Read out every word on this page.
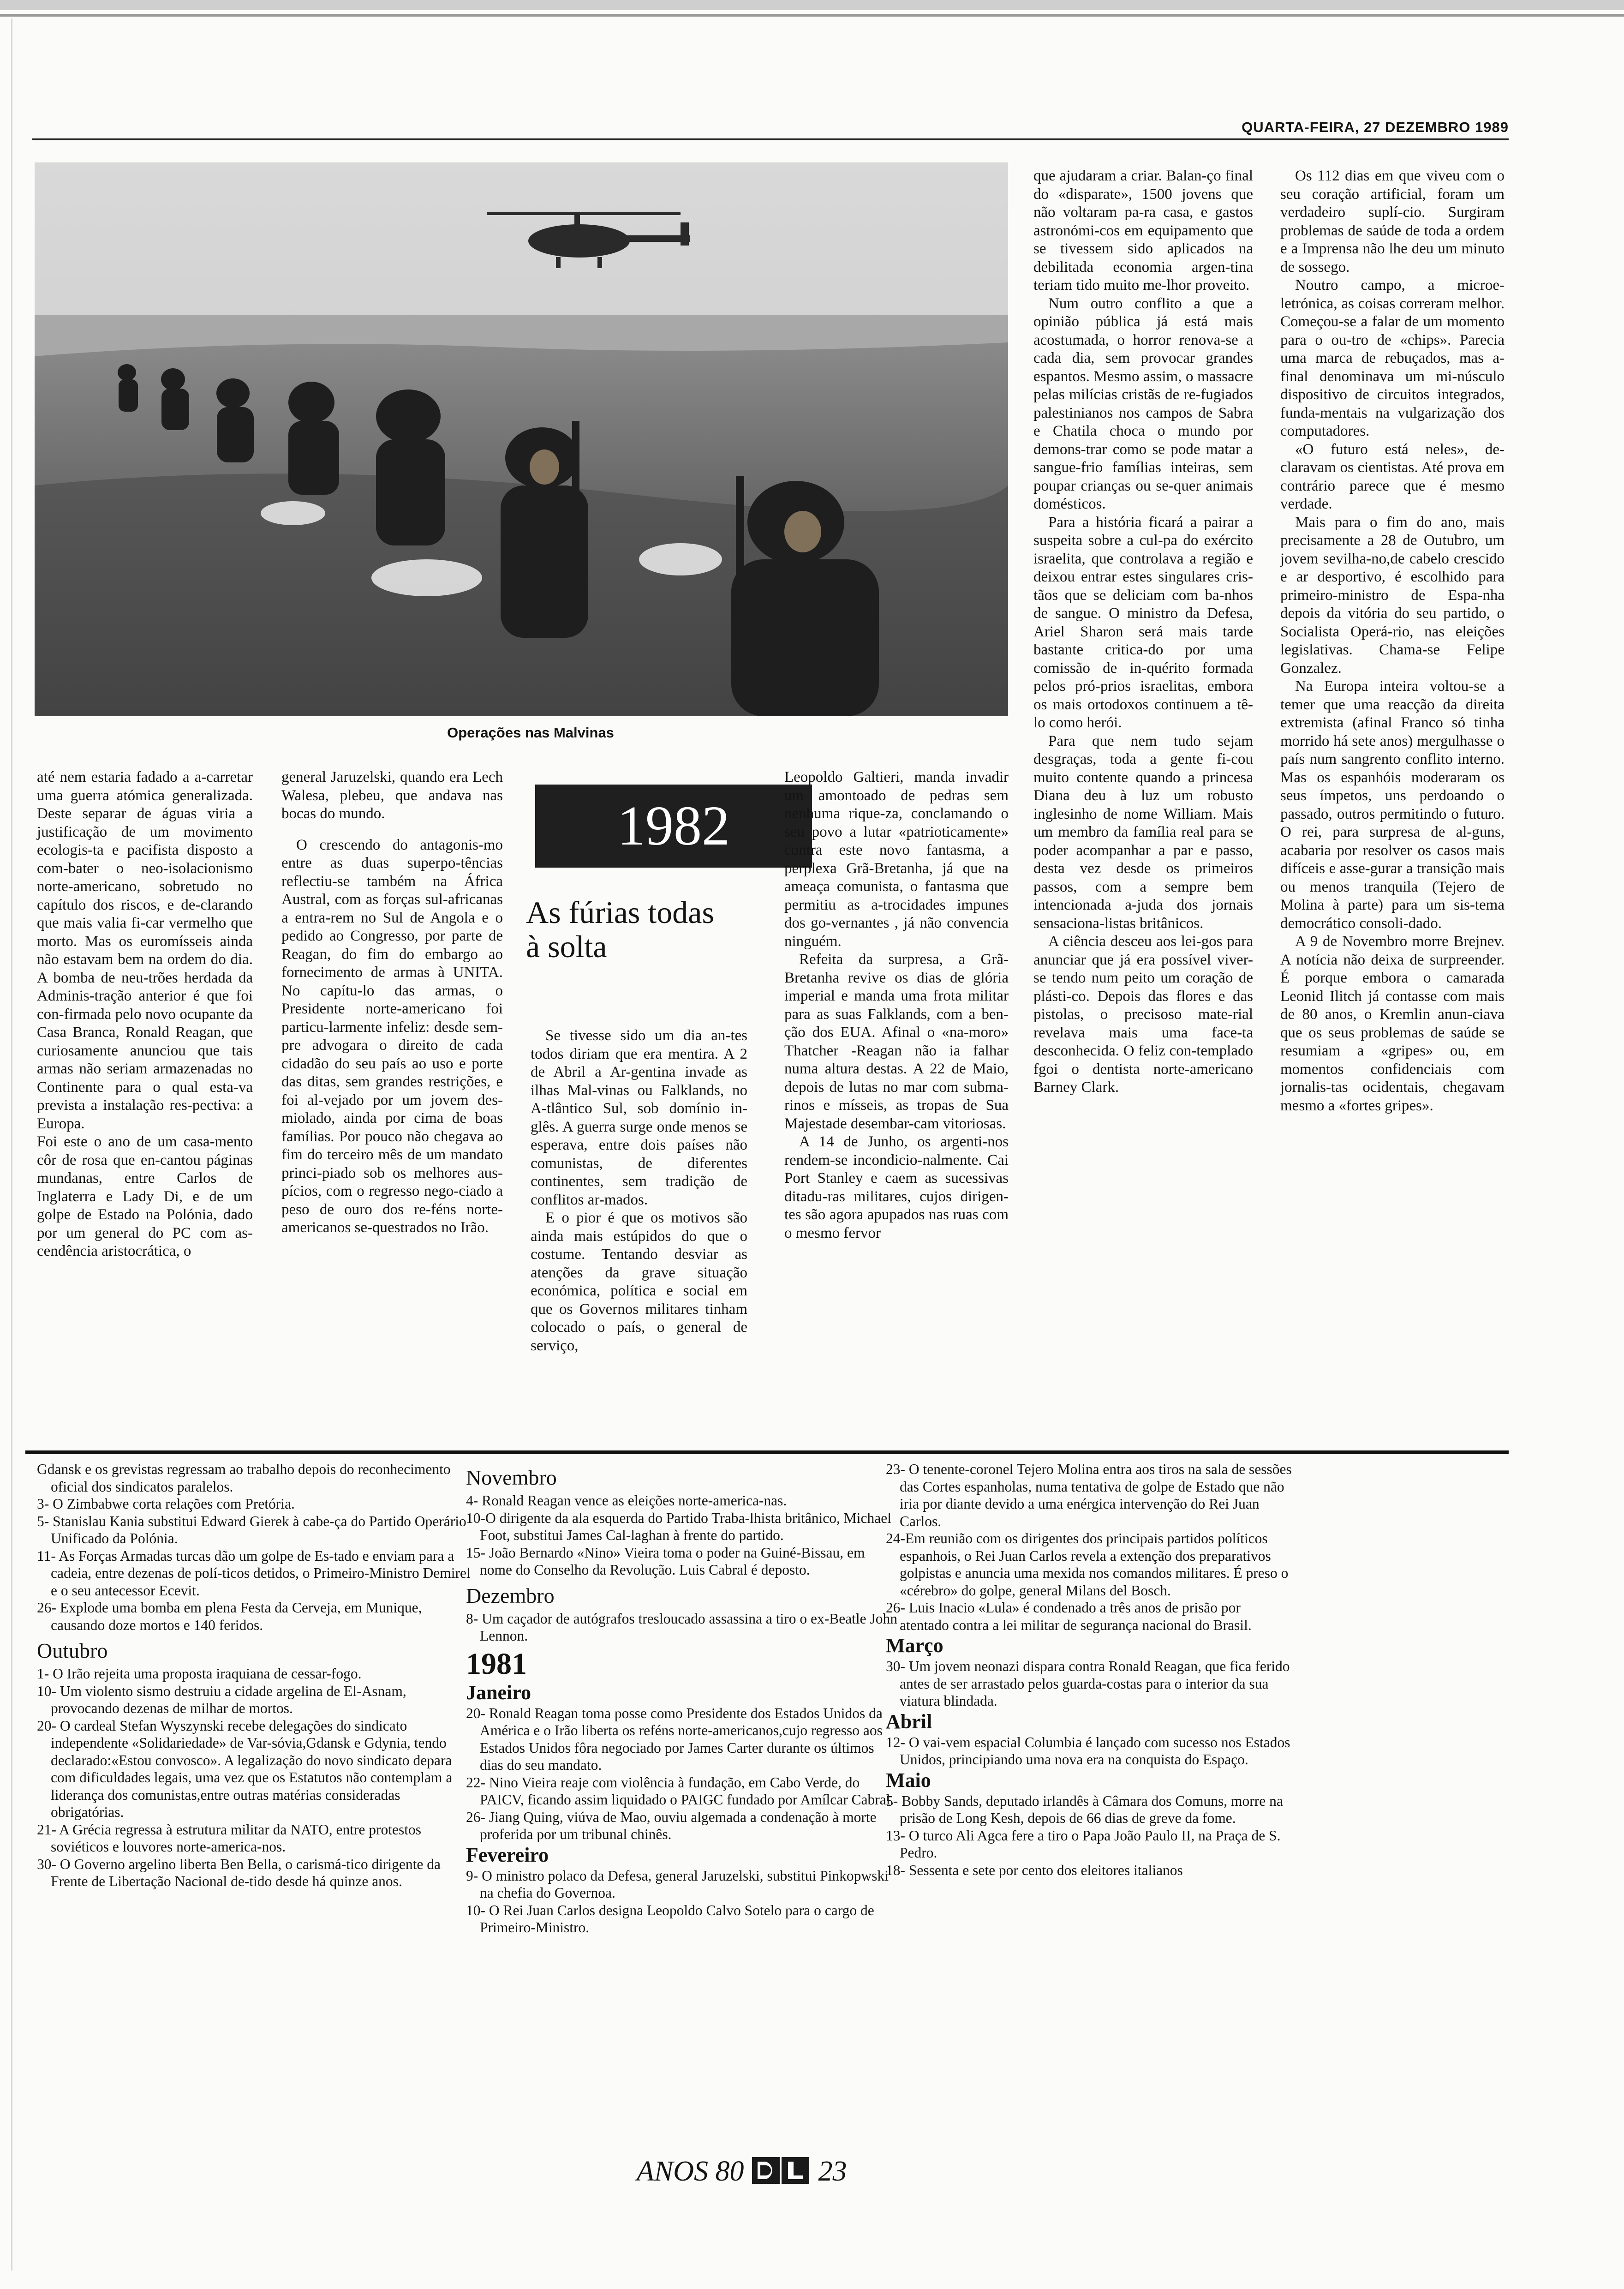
QUARTA-FEIRA, 27 DEZEMBRO 1989
Operações nas Malvinas

até nem estaria fadado a a-carretar uma guerra atómica generalizada. Deste separar de águas viria a justificação de um movimento ecologis-ta e pacifista disposto a com-bater o neo-isolacionismo norte-americano, sobretudo no capítulo dos riscos, e de-clarando que mais valia fi-car vermelho que morto. Mas os euromísseis ainda não estavam bem na ordem do dia. A bomba de neu-trões herdada da Adminis-tração anterior é que foi con-firmada pelo novo ocupante da Casa Branca, Ronald Reagan, que curiosamente anunciou que tais armas não seriam armazenadas no Continente para o qual esta-va prevista a instalação res-pectiva: a Europa.

Foi este o ano de um casa-mento côr de rosa que en-cantou páginas mundanas, entre Carlos de Inglaterra e Lady Di, e de um golpe de Estado na Polónia, dado por um general do PC com as-cendência aristocrática, o

general Jaruzelski, quando era Lech Walesa, plebeu, que andava nas bocas do mundo.

O crescendo do antagonis-mo entre as duas superpo-tências reflectiu-se também na África Austral, com as forças sul-africanas a entra-rem no Sul de Angola e o pedido ao Congresso, por parte de Reagan, do fim do embargo ao fornecimento de armas à UNITA. No capítu-lo das armas, o Presidente norte-americano foi particu-larmente infeliz: desde sem-pre advogara o direito de cada cidadão do seu país ao uso e porte das ditas, sem grandes restrições, e foi al-vejado por um jovem des-miolado, ainda por cima de boas famílias. Por pouco não chegava ao fim do terceiro mês de um mandato princi-piado sob os melhores aus-pícios, com o regresso nego-ciado a peso de ouro dos re-féns norte-americanos se-questrados no Irão.

1982
As fúrias todas à solta

Se tivesse sido um dia an-tes todos diriam que era mentira. A 2 de Abril a Ar-gentina invade as ilhas Mal-vinas ou Falklands, no A-tlântico Sul, sob domínio in-glês. A guerra surge onde menos se esperava, entre dois países não comunistas, de diferentes continentes, sem tradição de conflitos ar-mados.

E o pior é que os motivos são ainda mais estúpidos do que o costume. Tentando desviar as atenções da grave situação económica, política e social em que os Governos militares tinham colocado o país, o general de serviço,

Leopoldo Galtieri, manda invadir um amontoado de pedras sem nenhuma rique-za, conclamando o seu povo a lutar «patrioticamente» contra este novo fantasma, a perplexa Grã-Bretanha, já que na ameaça comunista, o fantasma que permitiu as a-trocidades impunes dos go-vernantes , já não convencia ninguém.

Refeita da surpresa, a Grã-Bretanha revive os dias de glória imperial e manda uma frota militar para as suas Falklands, com a ben-ção dos EUA. Afinal o «na-moro» Thatcher -Reagan não ia falhar numa altura destas. A 22 de Maio, depois de lutas no mar com subma-rinos e mísseis, as tropas de Sua Majestade desembar-cam vitoriosas.

A 14 de Junho, os argenti-nos rendem-se incondicio-nalmente. Cai Port Stanley e caem as sucessivas ditadu-ras militares, cujos dirigen-tes são agora apupados nas ruas com o mesmo fervor

que ajudaram a criar. Balan-ço final do «disparate», 1500 jovens que não voltaram pa-ra casa, e gastos astronómi-cos em equipamento que se tivessem sido aplicados na debilitada economia argen-tina teriam tido muito me-lhor proveito.

Num outro conflito a que a opinião pública já está mais acostumada, o horror renova-se a cada dia, sem provocar grandes espantos. Mesmo assim, o massacre pelas milícias cristãs de re-fugiados palestinianos nos campos de Sabra e Chatila choca o mundo por demons-trar como se pode matar a sangue-frio famílias inteiras, sem poupar crianças ou se-quer animais domésticos.

Para a história ficará a pairar a suspeita sobre a cul-pa do exército israelita, que controlava a região e deixou entrar estes singulares cris-tãos que se deliciam com ba-nhos de sangue. O ministro da Defesa, Ariel Sharon será mais tarde bastante critica-do por uma comissão de in-quérito formada pelos pró-prios israelitas, embora os mais ortodoxos continuem a tê-lo como herói.

Para que nem tudo sejam desgraças, toda a gente fi-cou muito contente quando a princesa Diana deu à luz um robusto inglesinho de nome William. Mais um membro da família real para se poder acompanhar a par e passo, desta vez desde os primeiros passos, com a sempre bem intencionada a-juda dos jornais sensaciona-listas britânicos.

A ciência desceu aos lei-gos para anunciar que já era possível viver-se tendo num peito um coração de plásti-co. Depois das flores e das pistolas, o precisoso mate-rial revelava mais uma face-ta desconhecida. O feliz con-templado fgoi o dentista norte-americano Barney Clark.

Os 112 dias em que viveu com o seu coração artificial, foram um verdadeiro suplí-cio. Surgiram problemas de saúde de toda a ordem e a Imprensa não lhe deu um minuto de sossego.

Noutro campo, a microe-letrónica, as coisas correram melhor. Começou-se a falar de um momento para o ou-tro de «chips». Parecia uma marca de rebuçados, mas a-final denominava um mi-núsculo dispositivo de circuitos integrados, funda-mentais na vulgarização dos computadores.

«O futuro está neles», de-claravam os cientistas. Até prova em contrário parece que é mesmo verdade.

Mais para o fim do ano, mais precisamente a 28 de Outubro, um jovem sevilha-no,de cabelo crescido e ar desportivo, é escolhido para primeiro-ministro de Espa-nha depois da vitória do seu partido, o Socialista Operá-rio, nas eleições legislativas. Chama-se Felipe Gonzalez.

Na Europa inteira voltou-se a temer que uma reacção da direita extremista (afinal Franco só tinha morrido há sete anos) mergulhasse o país num sangrento conflito interno. Mas os espanhóis moderaram os seus ímpetos, uns perdoando o passado, outros permitindo o futuro. O rei, para surpresa de al-guns, acabaria por resolver os casos mais difíceis e asse-gurar a transição mais ou menos tranquila (Tejero de Molina à parte) para um sis-tema democrático consoli-dado.

A 9 de Novembro morre Brejnev. A notícia não deixa de surpreender. É porque embora o camarada Leonid Ilitch já contasse com mais de 80 anos, o Kremlin anun-ciava que os seus problemas de saúde se resumiam a «gripes» ou, em momentos confidenciais com jornalis-tas ocidentais, chegavam mesmo a «fortes gripes».

Gdansk e os grevistas regressam ao trabalho depois do reconhecimento oficial dos sindicatos paralelos.

3- O Zimbabwe corta relações com Pretória.

5- Stanislau Kania substitui Edward Gierek à cabe-ça do Partido Operário Unificado da Polónia.

11- As Forças Armadas turcas dão um golpe de Es-tado e enviam para a cadeia, entre dezenas de polí-ticos detidos, o Primeiro-Ministro Demirel e o seu antecessor Ecevit.

26- Explode uma bomba em plena Festa da Cerveja, em Munique, causando doze mortos e 140 feridos.

Outubro

1- O Irão rejeita uma proposta iraquiana de cessar-fogo.

10- Um violento sismo destruiu a cidade argelina de El-Asnam, provocando dezenas de milhar de mortos.

20- O cardeal Stefan Wyszynski recebe delegações do sindicato independente «Solidariedade» de Var-sóvia,Gdansk e Gdynia, tendo declarado:«Estou convosco». A legalização do novo sindicato depara com dificuldades legais, uma vez que os Estatutos não contemplam a liderança dos comunistas,entre outras matérias consideradas obrigatórias.

21- A Grécia regressa à estrutura militar da NATO, entre protestos soviéticos e louvores norte-america-nos.

30- O Governo argelino liberta Ben Bella, o carismá-tico dirigente da Frente de Libertação Nacional de-tido desde há quinze anos.

Novembro

4- Ronald Reagan vence as eleições norte-america-nas.

10-O dirigente da ala esquerda do Partido Traba-lhista britânico, Michael Foot, substitui James Cal-laghan à frente do partido.

15- João Bernardo «Nino» Vieira toma o poder na Guiné-Bissau, em nome do Conselho da Revolução. Luis Cabral é deposto.

Dezembro

8- Um caçador de autógrafos tresloucado assassina a tiro o ex-Beatle John Lennon.

1981

Janeiro

20- Ronald Reagan toma posse como Presidente dos Estados Unidos da América e o Irão liberta os reféns norte-americanos,cujo regresso aos Estados Unidos fôra negociado por James Carter durante os últimos dias do seu mandato.

22- Nino Vieira reaje com violência à fundação, em Cabo Verde, do PAICV, ficando assim liquidado o PAIGC fundado por Amílcar Cabral.

26- Jiang Quing, viúva de Mao, ouviu algemada a condenação à morte proferida por um tribunal chinês.

Fevereiro

9- O ministro polaco da Defesa, general Jaruzelski, substitui Pinkopwski na chefia do Governoa.

10- O Rei Juan Carlos designa Leopoldo Calvo Sotelo para o cargo de Primeiro-Ministro.

23- O tenente-coronel Tejero Molina entra aos tiros na sala de sessões das Cortes espanholas, numa tentativa de golpe de Estado que não iria por diante devido a uma enérgica intervenção do Rei Juan Carlos.

24-Em reunião com os dirigentes dos principais partidos políticos espanhois, o Rei Juan Carlos revela a extenção dos preparativos golpistas e anuncia uma mexida nos comandos militares. É preso o «cérebro» do golpe, general Milans del Bosch.

26- Luis Inacio «Lula» é condenado a três anos de prisão por atentado contra a lei militar de segurança nacional do Brasil.

Março

30- Um jovem neonazi dispara contra Ronald Reagan, que fica ferido antes de ser arrastado pelos guarda-costas para o interior da sua viatura blindada.

Abril

12- O vai-vem espacial Columbia é lançado com sucesso nos Estados Unidos, principiando uma nova era na conquista do Espaço.

Maio

5- Bobby Sands, deputado irlandês à Câmara dos Comuns, morre na prisão de Long Kesh, depois de 66 dias de greve da fome.

13- O turco Ali Agca fere a tiro o Papa João Paulo II, na Praça de S. Pedro.

18- Sessenta e sete por cento dos eleitores italianos

ANOS 80	23
